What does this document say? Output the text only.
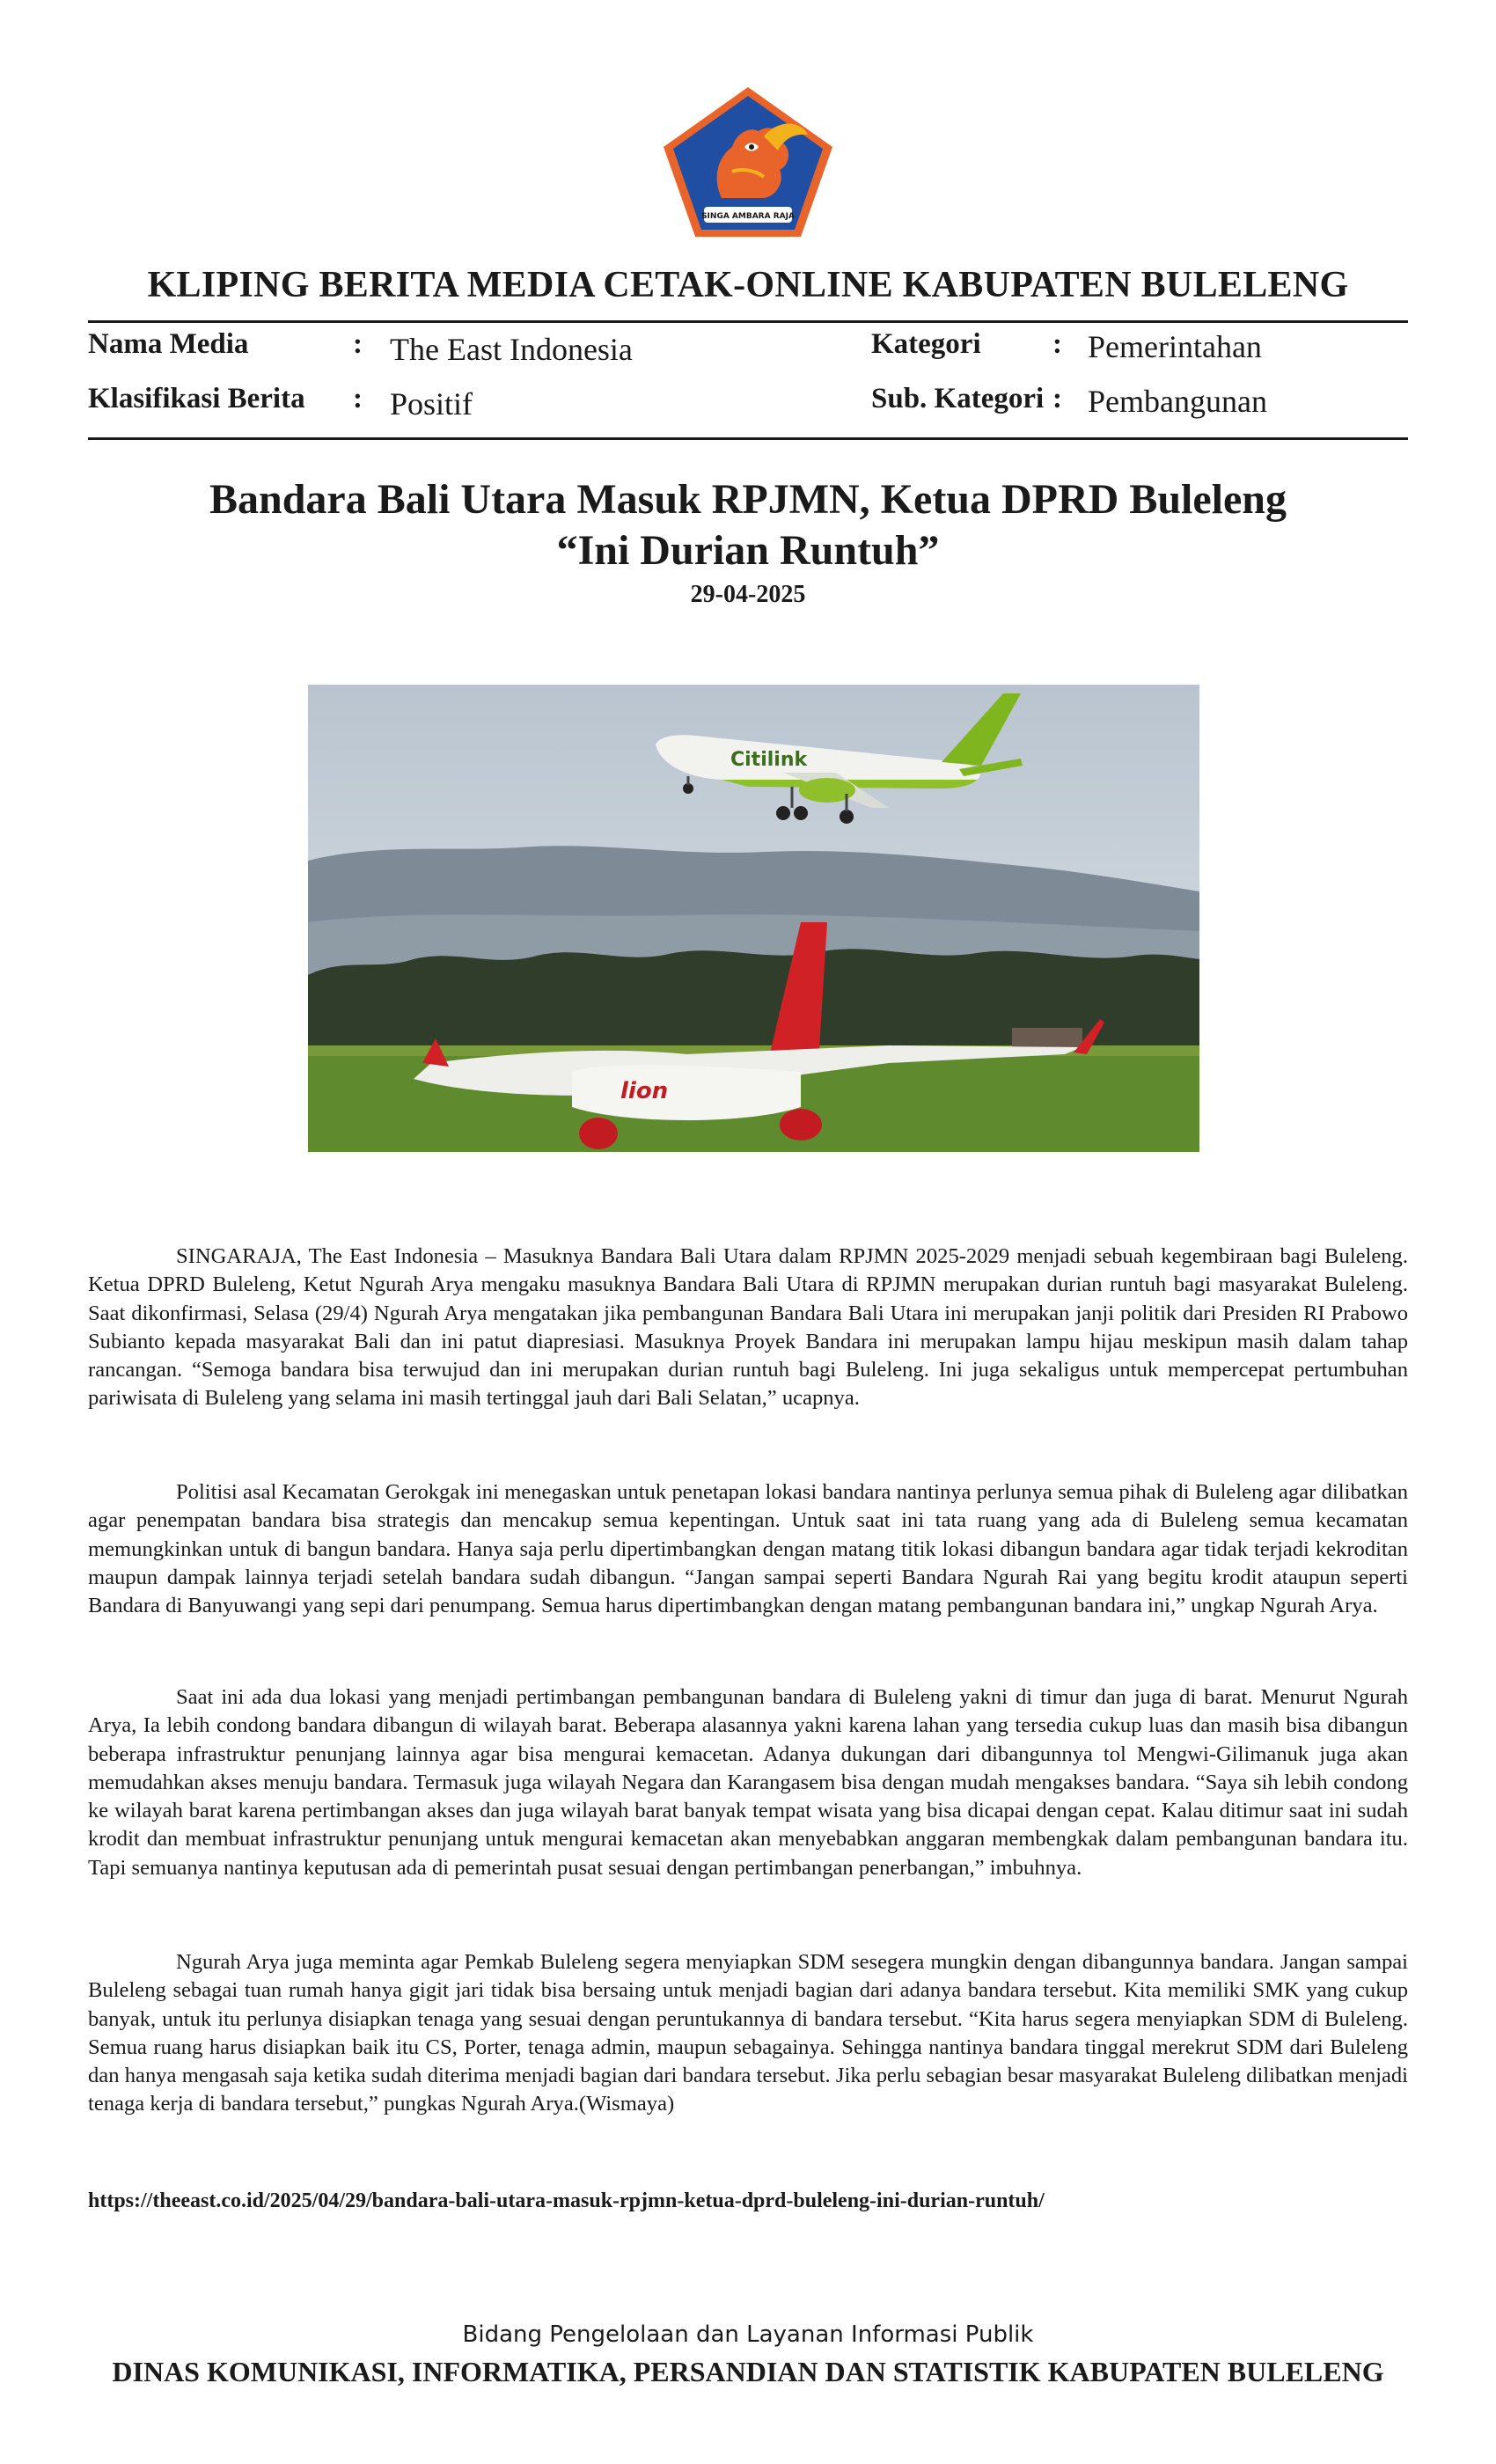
SINGA AMBARA RAJA
KLIPING BERITA MEDIA CETAK-ONLINE KABUPATEN BULELENG
Nama Media	: The East Indonesia
Klasifikasi Berita : Positif
Kategori : Pemerintahan
Sub. Kategori : Pembangunan
Bandara Bali Utara Masuk RPJMN, Ketua DPRD Buleleng
“Ini Durian Runtuh”
29-04-2025
Citilink
lion

SINGARAJA, The East Indonesia – Masuknya Bandara Bali Utara dalam RPJMN 2025-2029 menjadi sebuah kegembiraan bagi Buleleng. Ketua DPRD Buleleng, Ketut Ngurah Arya mengaku masuknya Bandara Bali Utara di RPJMN merupakan durian runtuh bagi masyarakat Buleleng. Saat dikonfirmasi, Selasa (29/4) Ngurah Arya mengatakan jika pembangunan Bandara Bali Utara ini merupakan janji politik dari Presiden RI Prabowo Subianto kepada masyarakat Bali dan ini patut diapresiasi. Masuknya Proyek Bandara ini merupakan lampu hijau meskipun masih dalam tahap rancangan. “Semoga bandara bisa terwujud dan ini merupakan durian runtuh bagi Buleleng. Ini juga sekaligus untuk mempercepat pertumbuhan pariwisata di Buleleng yang selama ini masih tertinggal jauh dari Bali Selatan,” ucapnya.

Politisi asal Kecamatan Gerokgak ini menegaskan untuk penetapan lokasi bandara nantinya perlunya semua pihak di Buleleng agar dilibatkan agar penempatan bandara bisa strategis dan mencakup semua kepentingan. Untuk saat ini tata ruang yang ada di Buleleng semua kecamatan memungkinkan untuk di bangun bandara. Hanya saja perlu dipertimbangkan dengan matang titik lokasi dibangun bandara agar tidak terjadi kekroditan maupun dampak lainnya terjadi setelah bandara sudah dibangun. “Jangan sampai seperti Bandara Ngurah Rai yang begitu krodit ataupun seperti Bandara di Banyuwangi yang sepi dari penumpang. Semua harus dipertimbangkan dengan matang pembangunan bandara ini,” ungkap Ngurah Arya.

Saat ini ada dua lokasi yang menjadi pertimbangan pembangunan bandara di Buleleng yakni di timur dan juga di barat. Menurut Ngurah Arya, Ia lebih condong bandara dibangun di wilayah barat. Beberapa alasannya yakni karena lahan yang tersedia cukup luas dan masih bisa dibangun beberapa infrastruktur penunjang lainnya agar bisa mengurai kemacetan. Adanya dukungan dari dibangunnya tol Mengwi-Gilimanuk juga akan memudahkan akses menuju bandara. Termasuk juga wilayah Negara dan Karangasem bisa dengan mudah mengakses bandara. “Saya sih lebih condong ke wilayah barat karena pertimbangan akses dan juga wilayah barat banyak tempat wisata yang bisa dicapai dengan cepat. Kalau ditimur saat ini sudah krodit dan membuat infrastruktur penunjang untuk mengurai kemacetan akan menyebabkan anggaran membengkak dalam pembangunan bandara itu. Tapi semuanya nantinya keputusan ada di pemerintah pusat sesuai dengan pertimbangan penerbangan,” imbuhnya.

Ngurah Arya juga meminta agar Pemkab Buleleng segera menyiapkan SDM sesegera mungkin dengan dibangunnya bandara. Jangan sampai Buleleng sebagai tuan rumah hanya gigit jari tidak bisa bersaing untuk menjadi bagian dari adanya bandara tersebut. Kita memiliki SMK yang cukup banyak, untuk itu perlunya disiapkan tenaga yang sesuai dengan peruntukannya di bandara tersebut. “Kita harus segera menyiapkan SDM di Buleleng. Semua ruang harus disiapkan baik itu CS, Porter, tenaga admin, maupun sebagainya. Sehingga nantinya bandara tinggal merekrut SDM dari Buleleng dan hanya mengasah saja ketika sudah diterima menjadi bagian dari bandara tersebut. Jika perlu sebagian besar masyarakat Buleleng dilibatkan menjadi tenaga kerja di bandara tersebut,” pungkas Ngurah Arya.(Wismaya)

https://theeast.co.id/2025/04/29/bandara-bali-utara-masuk-rpjmn-ketua-dprd-buleleng-ini-durian-runtuh/
Bidang Pengelolaan dan Layanan Informasi Publik
DINAS KOMUNIKASI, INFORMATIKA, PERSANDIAN DAN STATISTIK KABUPATEN BULELENG
